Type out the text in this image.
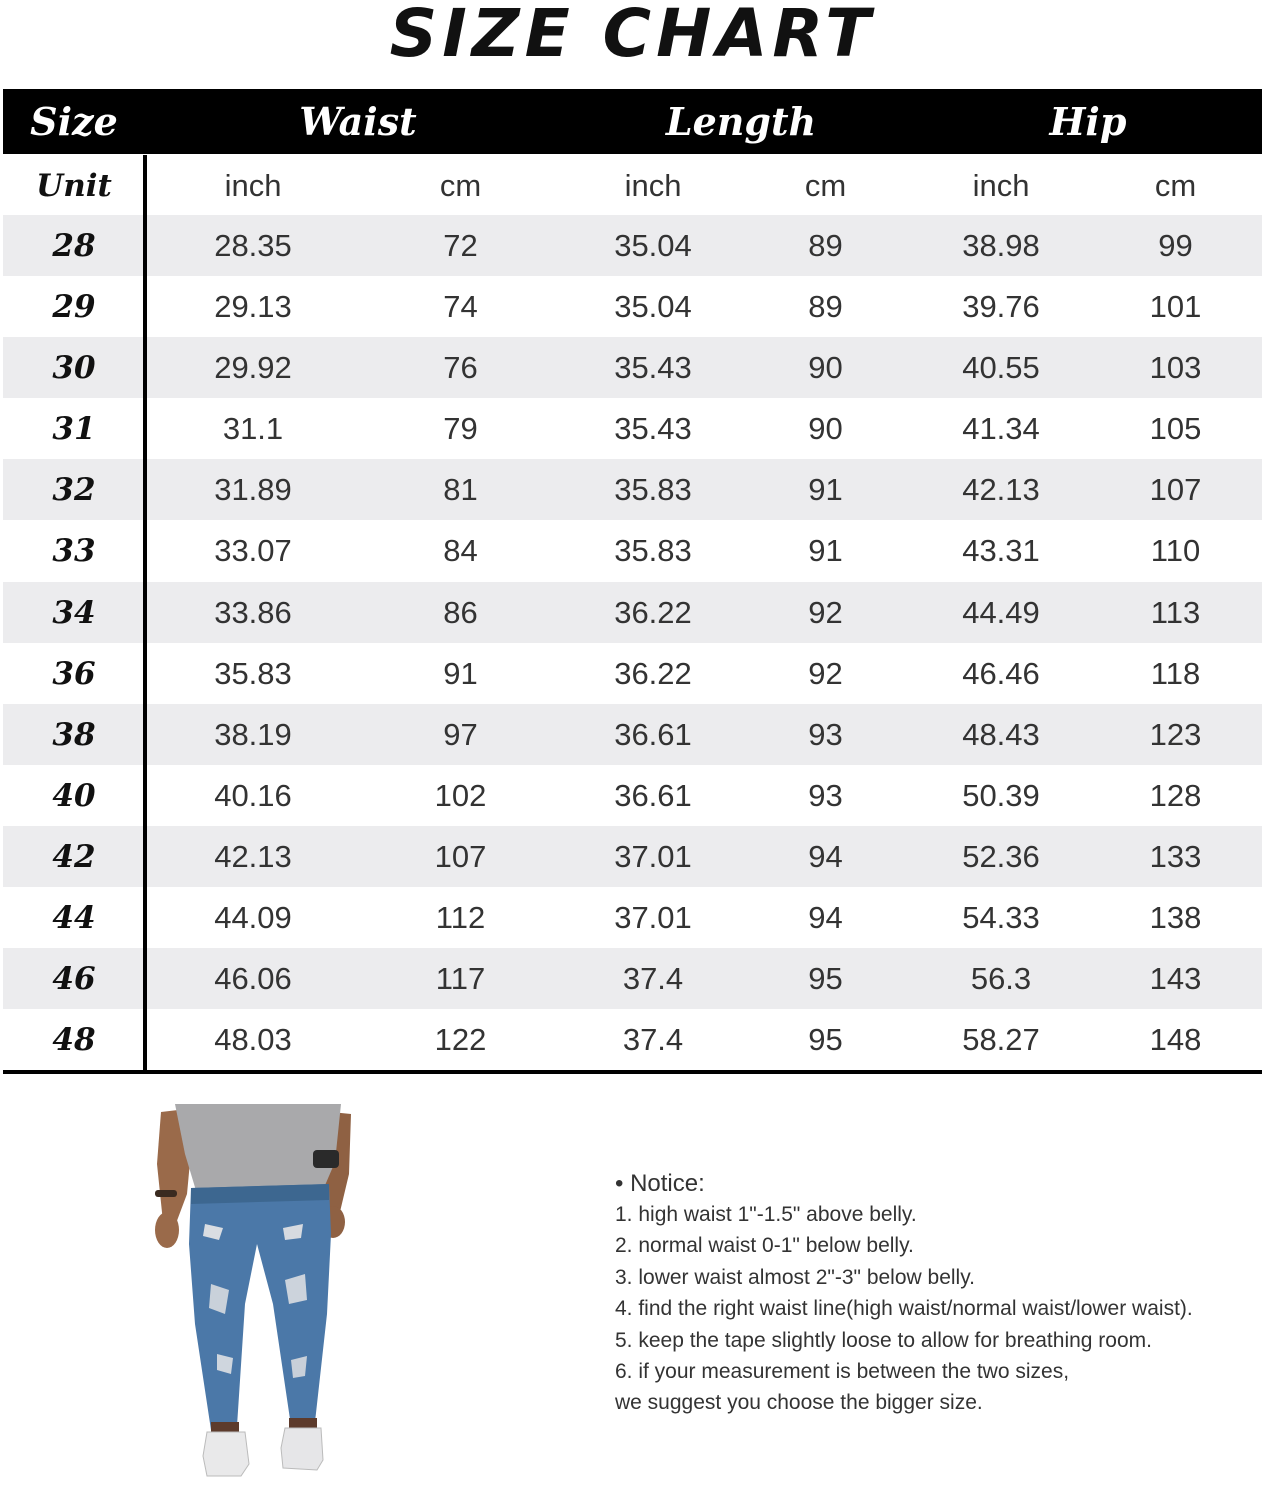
SIZE CHART
Size	Waist	Length	Hip
Unit	inch	cm	inch	cm	inch	cm
28	28.35	72	35.04	89	38.98	99
29	29.13	74	35.04	89	39.76	101
30	29.92	76	35.43	90	40.55	103
31	31.1	79	35.43	90	41.34	105
32	31.89	81	35.83	91	42.13	107
33	33.07	84	35.83	91	43.31	110
34	33.86	86	36.22	92	44.49	113
36	35.83	91	36.22	92	46.46	118
38	38.19	97	36.61	93	48.43	123
40	40.16	102	36.61	93	50.39	128
42	42.13	107	37.01	94	52.36	133
44	44.09	112	37.01	94	54.33	138
46	46.06	117	37.4	95	56.3	143
48	48.03	122	37.4	95	58.27	148
• Notice:
1. high waist 1"-1.5" above belly.
2. normal waist 0-1" below belly.
3. lower waist almost 2"-3" below belly.
4. find the right waist line(high waist/normal waist/lower waist).
5. keep the tape slightly loose to allow for breathing room.
6. if your measurement is between the two sizes,
we suggest you choose the bigger size.
